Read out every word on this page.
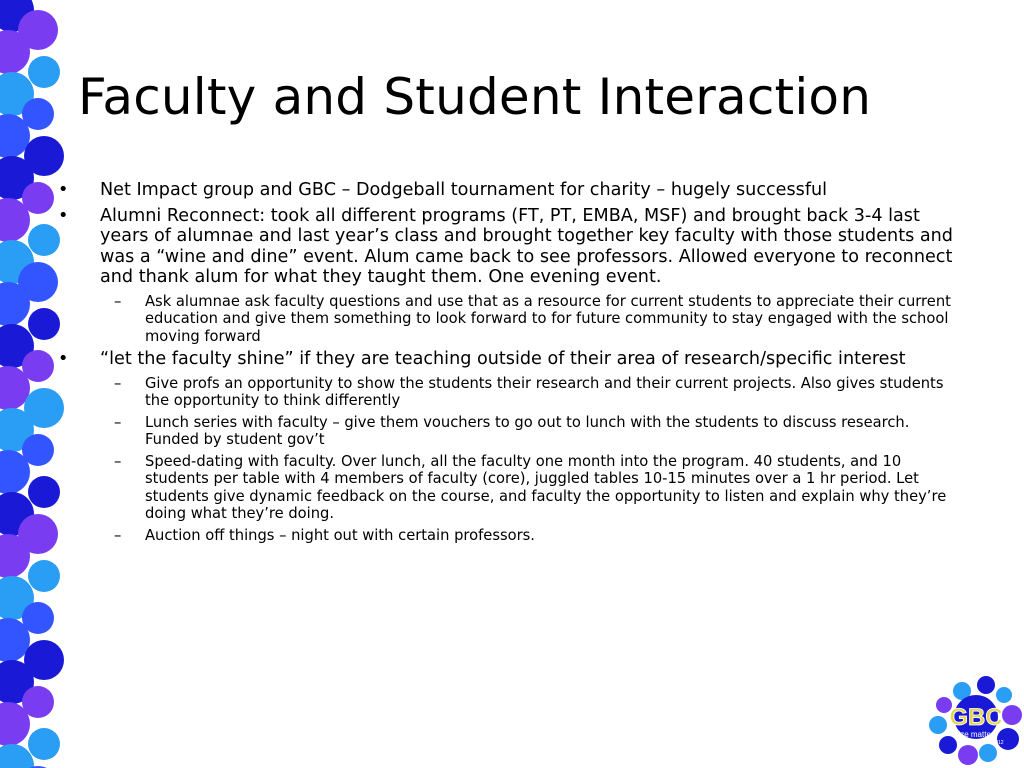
Faculty and Student Interaction
•	Net Impact group and GBC – Dodgeball tournament for charity – hugely successful
•	Alumni Reconnect: took all different programs (FT, PT, EMBA, MSF) and brought back 3-4 last years of alumnae and last year’s class and brought together key faculty with those students and was a “wine and dine” event. Alum came back to see professors. Allowed everyone to reconnect and thank alum for what they taught them. One evening event.
–	Ask alumnae ask faculty questions and use that as a resource for current students to appreciate their current education and give them something to look forward to for future community to stay engaged with the school moving forward
•	“let the faculty shine” if they are teaching outside of their area of research/specific interest
–	Give profs an opportunity to show the students their research and their current projects. Also gives students the opportunity to think differently
–	Lunch series with faculty – give them vouchers to go out to lunch with the students to discuss research. Funded by student gov’t
–	Speed-dating with faculty. Over lunch, all the faculty one month into the program. 40 students, and 10 students per table with 4 members of faculty (core), juggled tables 10-15 minutes over a 1 hr period. Let students give dynamic feedback on the course, and faculty the opportunity to listen and explain why they’re doing what they’re doing.
–	Auction off things – night out with certain professors.
GBC
size matters
2012
